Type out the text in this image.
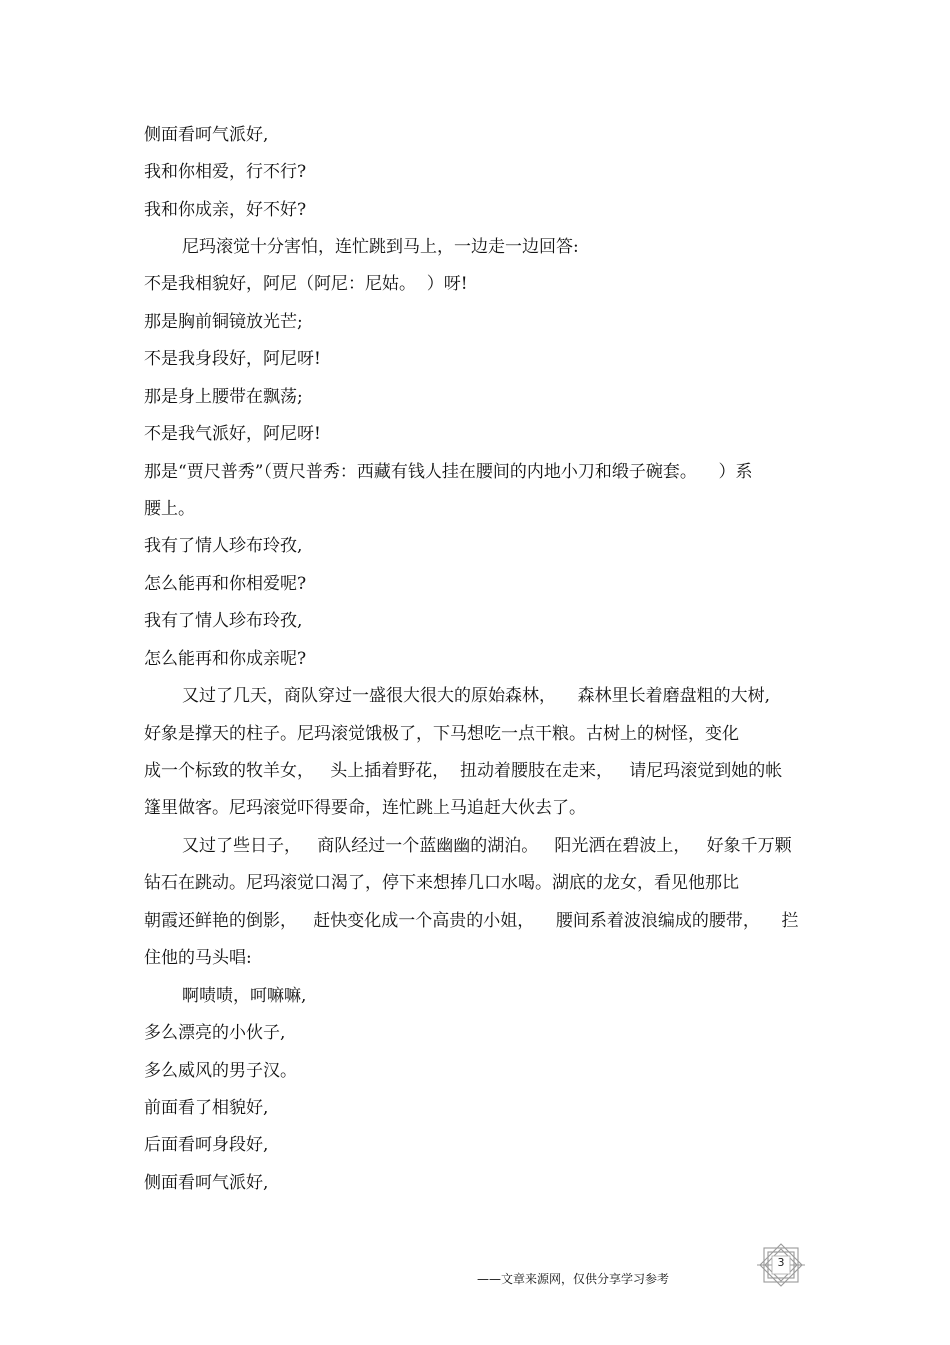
侧面看呵气派好,
我和你相爱，行不行?
我和你成亲，好不好?
尼玛滚觉十分害怕，连忙跳到马上，一边走一边回答:
不是我相貌好，阿尼（阿尼：尼姑。  ）呀!
那是胸前铜镜放光芒;
不是我身段好，阿尼呀!
那是身上腰带在飘荡;
不是我气派好，阿尼呀!
那是“贾尺普秀”（贾尺普秀：西藏有钱人挂在腰间的内地小刀和缎子碗套。    ）系
腰上。
我有了情人珍布玲孜,
怎么能再和你相爱呢?
我有了情人珍布玲孜,
怎么能再和你成亲呢?
又过了几天，商队穿过一盛很大很大的原始森林，    森林里长着磨盘粗的大树,
好象是撑天的柱子。尼玛滚觉饿极了，下马想吃一点干粮。古树上的树怪，变化
成一个标致的牧羊女，   头上插着野花，  扭动着腰肢在走来，   请尼玛滚觉到她的帐
篷里做客。尼玛滚觉吓得要命，连忙跳上马追赶大伙去了。
又过了些日子，   商队经过一个蓝幽幽的湖泊。   阳光洒在碧波上，   好象千万颗
钻石在跳动。尼玛滚觉口渴了，停下来想捧几口水喝。湖底的龙女，看见他那比
朝霞还鲜艳的倒影，   赶快变化成一个高贵的小姐，    腰间系着波浪编成的腰带，    拦
住他的马头唱:
啊啧啧，呵嘛嘛,
多么漂亮的小伙子,
多么威风的男子汉。
前面看了相貌好,
后面看呵身段好,
侧面看呵气派好,
——文章来源网，仅供分享学习参考
3
